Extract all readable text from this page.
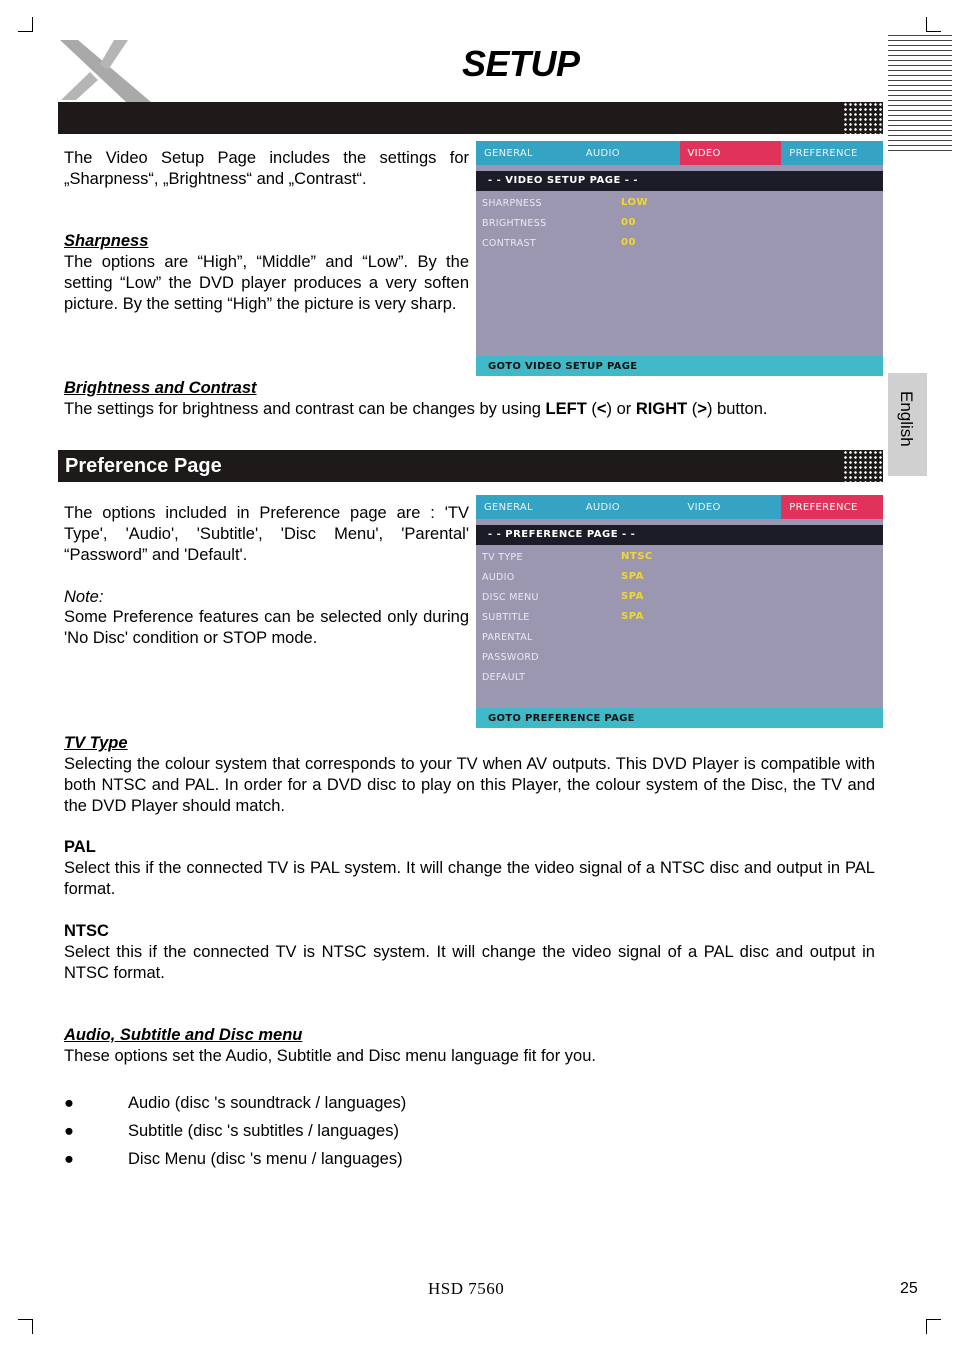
SETUP
English
The Video Setup Page includes the settings for „Sharpness“, „Brightness“ and „Contrast“.
Sharpness
The options are “High”, “Middle” and “Low”. By the setting “Low” the DVD player produces a very soften picture. By the setting “High” the picture is very sharp.
GENERAL	AUDIO	VIDEO	PREFERENCE
- - VIDEO SETUP PAGE - -
SHARPNESS	LOW
BRIGHTNESS	00
CONTRAST	00
GOTO VIDEO SETUP PAGE
Brightness and Contrast
The settings for brightness and contrast can be changes by using LEFT (<) or RIGHT (>) button.
Preference Page
The options included in Preference page are : 'TV Type', 'Audio', 'Subtitle', 'Disc Menu', 'Parental' “Password” and 'Default'.
Note:
Some Preference features can be selected only during 'No Disc' condition or STOP mode.
GENERAL	AUDIO	VIDEO	PREFERENCE
- - PREFERENCE PAGE - -
TV TYPE	NTSC
AUDIO	SPA
DISC MENU	SPA
SUBTITLE	SPA
PARENTAL
PASSWORD
DEFAULT
GOTO PREFERENCE PAGE
TV Type
Selecting the colour system that corresponds to your TV when AV outputs. This DVD Player is compatible with both NTSC and PAL. In order for a DVD disc to play on this Player, the colour system of the Disc, the TV and the DVD Player should match.
PAL
Select this if the connected TV is PAL system. It will change the video signal of a NTSC disc and output in PAL format.
NTSC
Select this if the connected TV is NTSC system. It will change the video signal of a PAL disc and output in NTSC format.
Audio, Subtitle and Disc menu
These options set the Audio, Subtitle and Disc menu language fit for you.
●	Audio (disc 's soundtrack / languages)
●	Subtitle (disc 's subtitles / languages)
●	Disc Menu (disc 's menu / languages)
HSD 7560	25
